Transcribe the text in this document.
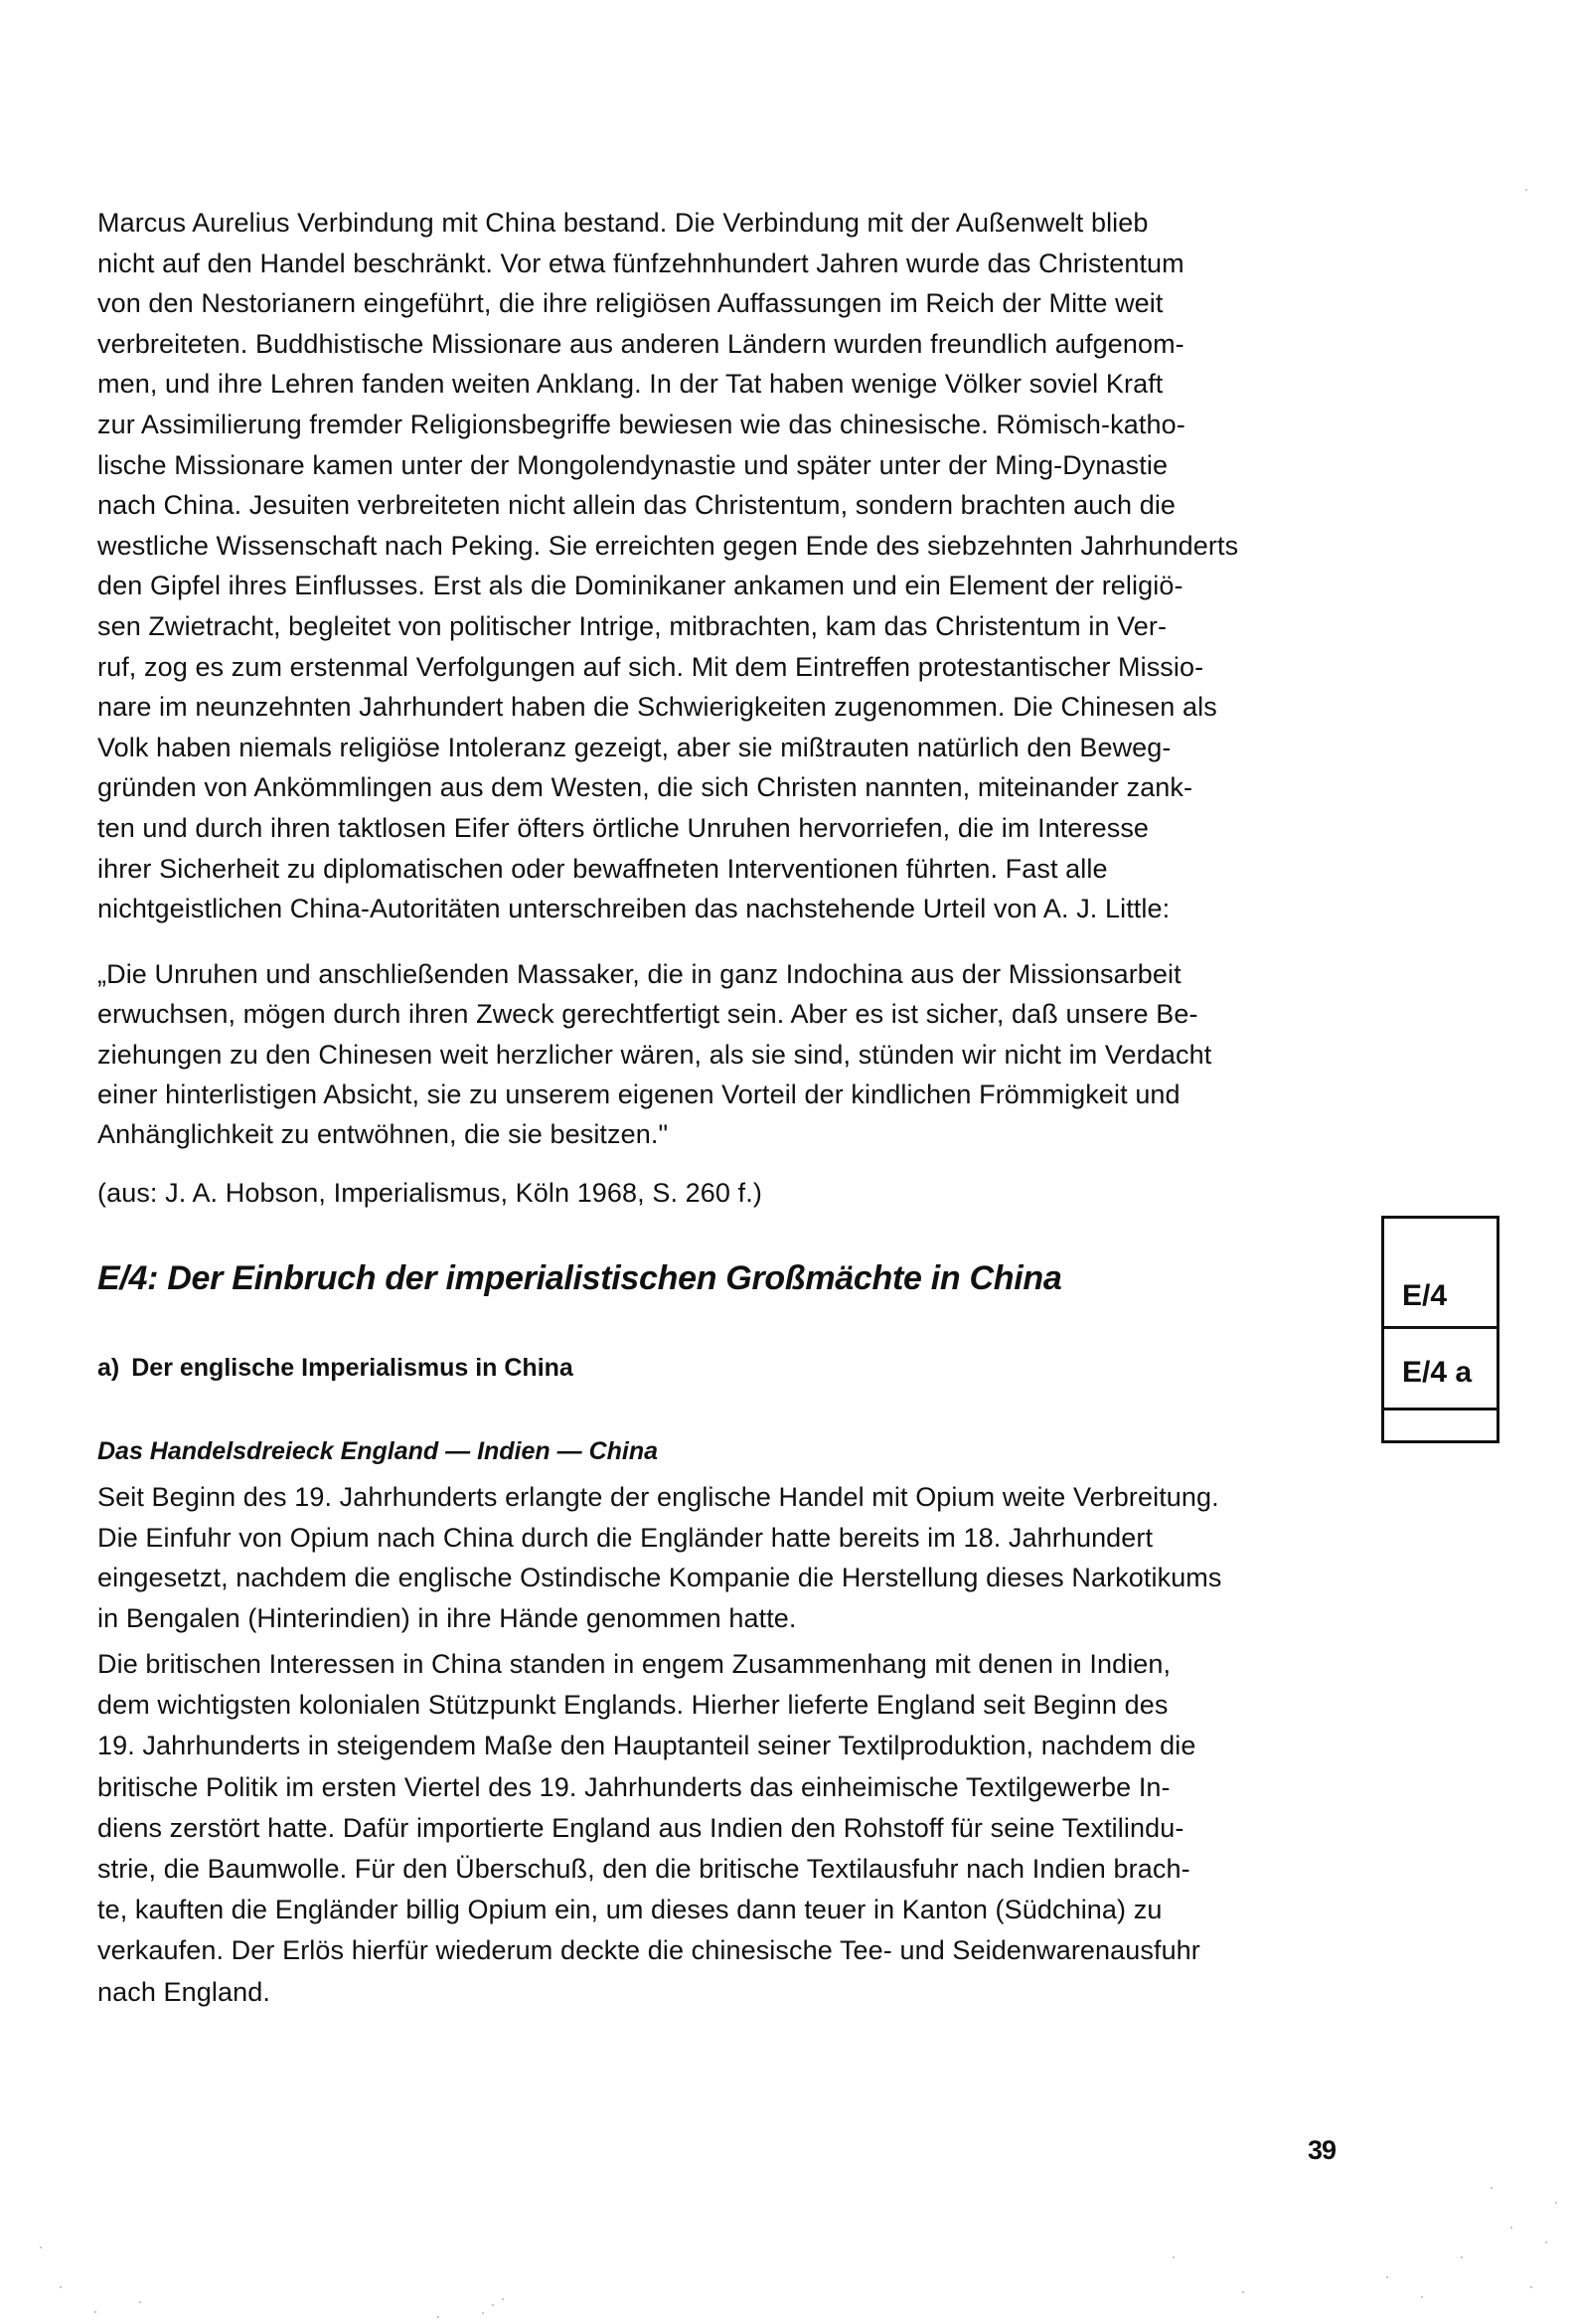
Marcus Aurelius Verbindung mit China bestand. Die Verbindung mit der Außenwelt blieb
nicht auf den Handel beschränkt. Vor etwa fünfzehnhundert Jahren wurde das Christentum
von den Nestorianern eingeführt, die ihre religiösen Auffassungen im Reich der Mitte weit
verbreiteten. Buddhistische Missionare aus anderen Ländern wurden freundlich aufgenom-
men, und ihre Lehren fanden weiten Anklang. In der Tat haben wenige Völker soviel Kraft
zur Assimilierung fremder Religionsbegriffe bewiesen wie das chinesische. Römisch-katho-
lische Missionare kamen unter der Mongolendynastie und später unter der Ming-Dynastie
nach China. Jesuiten verbreiteten nicht allein das Christentum, sondern brachten auch die
westliche Wissenschaft nach Peking. Sie erreichten gegen Ende des siebzehnten Jahrhunderts
den Gipfel ihres Einflusses. Erst als die Dominikaner ankamen und ein Element der religiö-
sen Zwietracht, begleitet von politischer Intrige, mitbrachten, kam das Christentum in Ver-
ruf, zog es zum erstenmal Verfolgungen auf sich. Mit dem Eintreffen protestantischer Missio-
nare im neunzehnten Jahrhundert haben die Schwierigkeiten zugenommen. Die Chinesen als
Volk haben niemals religiöse Intoleranz gezeigt, aber sie mißtrauten natürlich den Beweg-
gründen von Ankömmlingen aus dem Westen, die sich Christen nannten, miteinander zank-
ten und durch ihren taktlosen Eifer öfters örtliche Unruhen hervorriefen, die im Interesse
ihrer Sicherheit zu diplomatischen oder bewaffneten Interventionen führten. Fast alle
nichtgeistlichen China-Autoritäten unterschreiben das nachstehende Urteil von A. J. Little:
„Die Unruhen und anschließenden Massaker, die in ganz Indochina aus der Missionsarbeit
erwuchsen, mögen durch ihren Zweck gerechtfertigt sein. Aber es ist sicher, daß unsere Be-
ziehungen zu den Chinesen weit herzlicher wären, als sie sind, stünden wir nicht im Verdacht
einer hinterlistigen Absicht, sie zu unserem eigenen Vorteil der kindlichen Frömmigkeit und
Anhänglichkeit zu entwöhnen, die sie besitzen."
(aus: J. A. Hobson, Imperialismus, Köln 1968, S. 260 f.)
E/4: Der Einbruch der imperialistischen Großmächte in China
a) Der englische Imperialismus in China
Das Handelsdreieck England — Indien — China
Seit Beginn des 19. Jahrhunderts erlangte der englische Handel mit Opium weite Verbreitung.
Die Einfuhr von Opium nach China durch die Engländer hatte bereits im 18. Jahrhundert
eingesetzt, nachdem die englische Ostindische Kompanie die Herstellung dieses Narkotikums
in Bengalen (Hinterindien) in ihre Hände genommen hatte.
Die britischen Interessen in China standen in engem Zusammenhang mit denen in Indien,
dem wichtigsten kolonialen Stützpunkt Englands. Hierher lieferte England seit Beginn des
19. Jahrhunderts in steigendem Maße den Hauptanteil seiner Textilproduktion, nachdem die
britische Politik im ersten Viertel des 19. Jahrhunderts das einheimische Textilgewerbe In-
diens zerstört hatte. Dafür importierte England aus Indien den Rohstoff für seine Textilindu-
strie, die Baumwolle. Für den Überschuß, den die britische Textilausfuhr nach Indien brach-
te, kauften die Engländer billig Opium ein, um dieses dann teuer in Kanton (Südchina) zu
verkaufen. Der Erlös hierfür wiederum deckte die chinesische Tee- und Seidenwarenausfuhr
nach England.
E/4
E/4 a
39
